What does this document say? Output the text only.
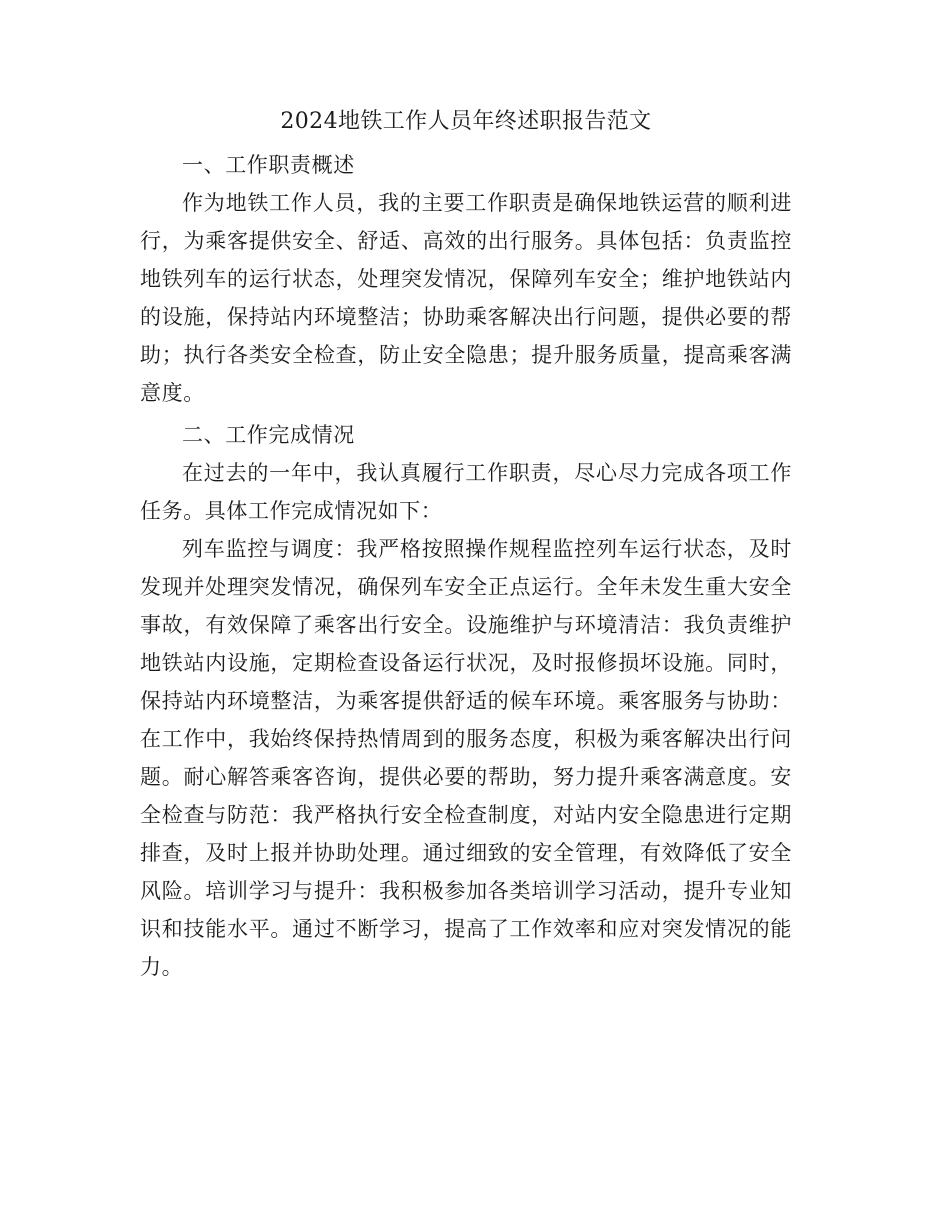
2024地铁工作人员年终述职报告范文

一、工作职责概述

作为地铁工作人员，我的主要工作职责是确保地铁运营的顺利进行，为乘客提供安全、舒适、高效的出行服务。具体包括：负责监控地铁列车的运行状态，处理突发情况，保障列车安全；维护地铁站内的设施，保持站内环境整洁；协助乘客解决出行问题，提供必要的帮助；执行各类安全检查，防止安全隐患；提升服务质量，提高乘客满意度。

二、工作完成情况

在过去的一年中，我认真履行工作职责，尽心尽力完成各项工作任务。具体工作完成情况如下：

列车监控与调度：我严格按照操作规程监控列车运行状态，及时发现并处理突发情况，确保列车安全正点运行。全年未发生重大安全事故，有效保障了乘客出行安全。设施维护与环境清洁：我负责维护地铁站内设施，定期检查设备运行状况，及时报修损坏设施。同时，保持站内环境整洁，为乘客提供舒适的候车环境。乘客服务与协助：在工作中，我始终保持热情周到的服务态度，积极为乘客解决出行问题。耐心解答乘客咨询，提供必要的帮助，努力提升乘客满意度。安全检查与防范：我严格执行安全检查制度，对站内安全隐患进行定期排查，及时上报并协助处理。通过细致的安全管理，有效降低了安全风险。培训学习与提升：我积极参加各类培训学习活动，提升专业知识和技能水平。通过不断学习，提高了工作效率和应对突发情况的能力。
